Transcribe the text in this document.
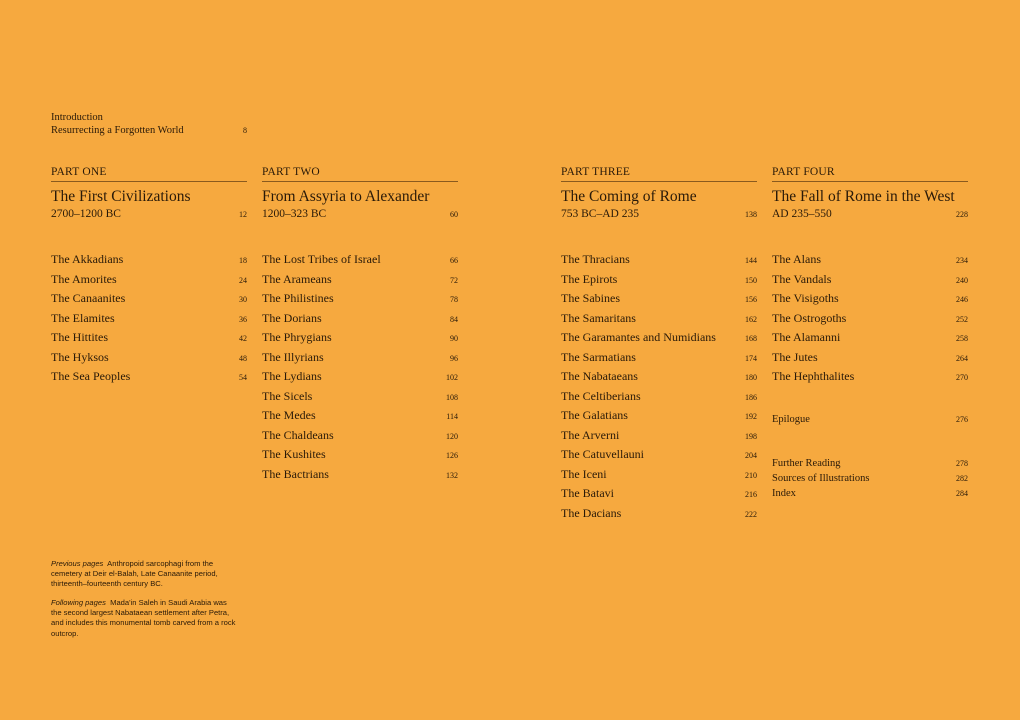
Introduction
Resurrecting a Forgotten World	8
PART ONE
The First Civilizations
2700–1200 BC	12
PART TWO
From Assyria to Alexander
1200–323 BC	60
PART THREE
The Coming of Rome
753 BC–AD 235	138
PART FOUR
The Fall of Rome in the West
AD 235–550	228
The Akkadians	18
The Amorites	24
The Canaanites	30
The Elamites	36
The Hittites	42
The Hyksos	48
The Sea Peoples	54
The Lost Tribes of Israel	66
The Arameans	72
The Philistines	78
The Dorians	84
The Phrygians	90
The Illyrians	96
The Lydians	102
The Sicels	108
The Medes	114
The Chaldeans	120
The Kushites	126
The Bactrians	132
The Thracians	144
The Epirots	150
The Sabines	156
The Samaritans	162
The Garamantes and Numidians	168
The Sarmatians	174
The Nabataeans	180
The Celtiberians	186
The Galatians	192
The Arverni	198
The Catuvellauni	204
The Iceni	210
The Batavi	216
The Dacians	222
The Alans	234
The Vandals	240
The Visigoths	246
The Ostrogoths	252
The Alamanni	258
The Jutes	264
The Hephthalites	270
Epilogue	276
Further Reading	278
Sources of Illustrations	282
Index	284
Previous pages Anthropoid sarcophagi from the cemetery at Deir el-Balah, Late Canaanite period, thirteenth–fourteenth century BC.
Following pages Mada'in Saleh in Saudi Arabia was the second largest Nabataean settlement after Petra, and includes this monumental tomb carved from a rock outcrop.
